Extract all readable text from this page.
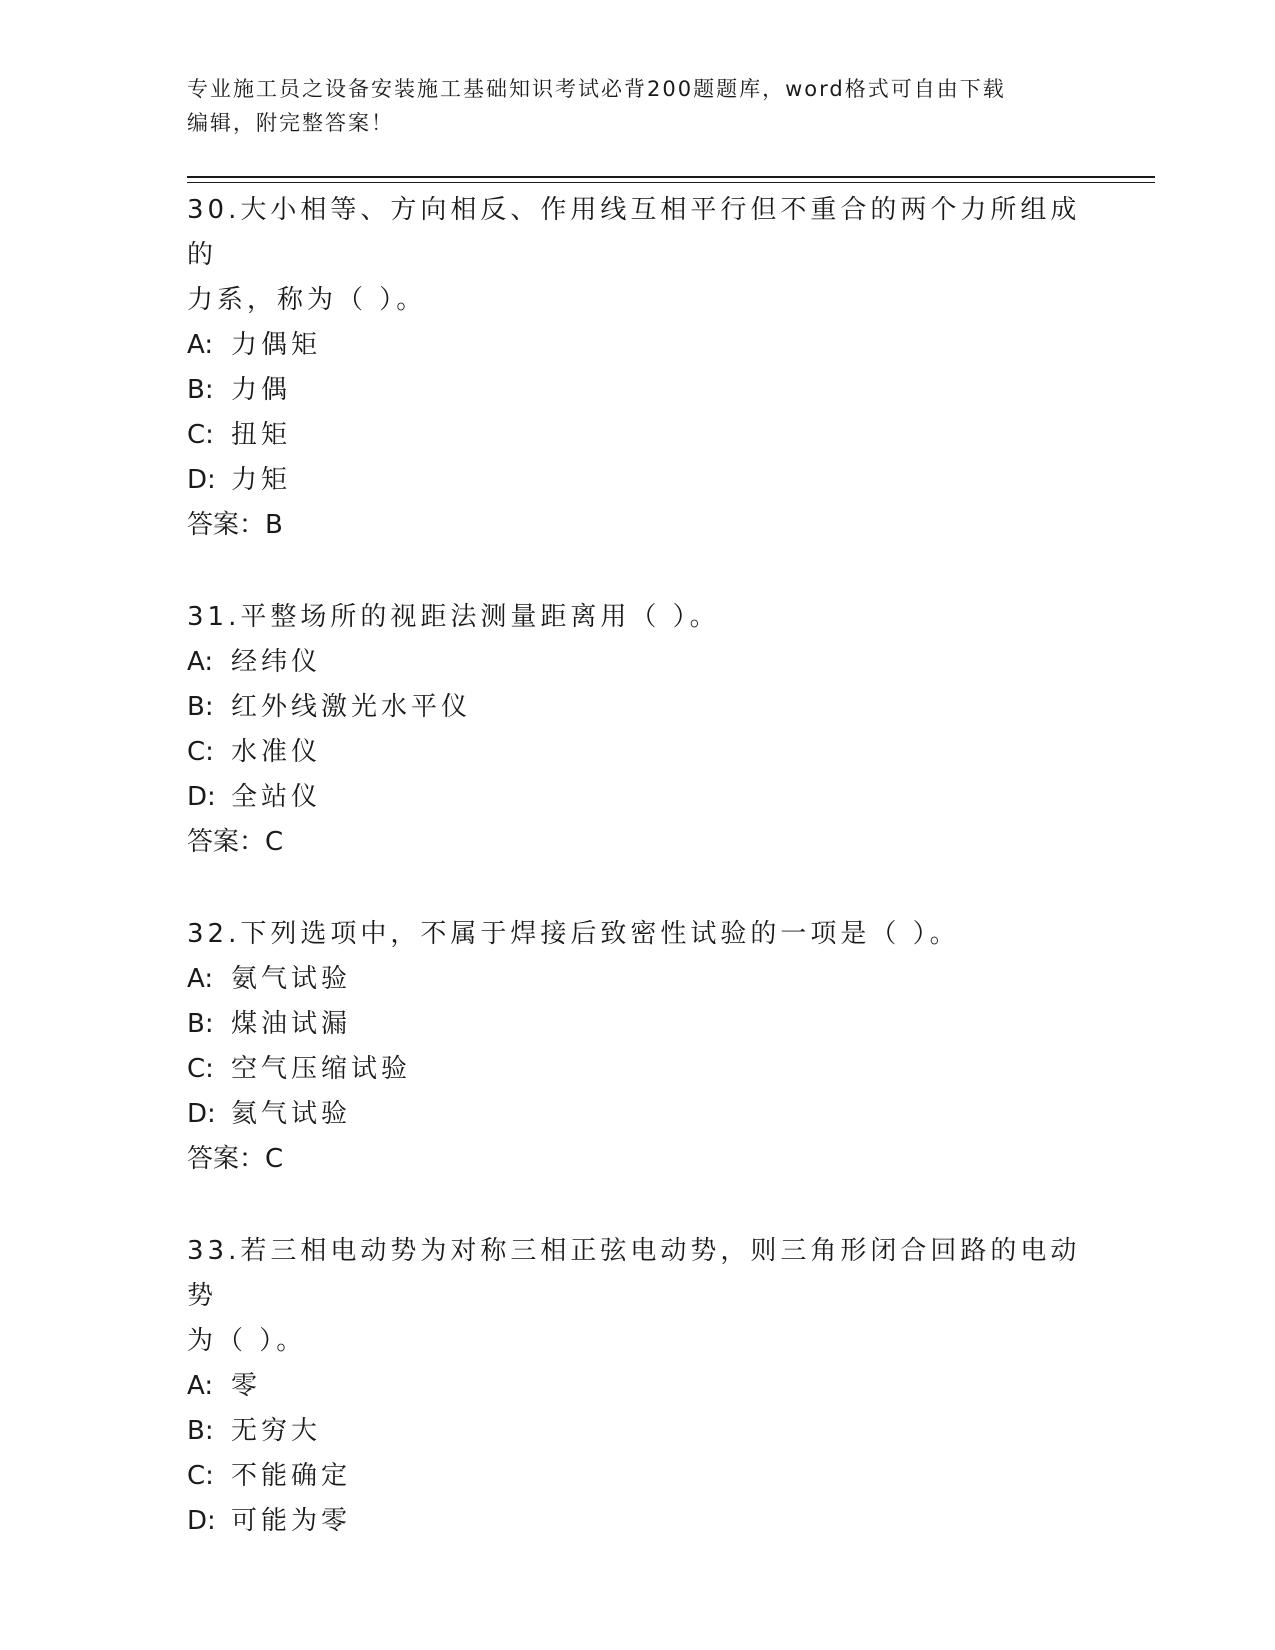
专业施工员之设备安装施工基础知识考试必背200题题库，word格式可自由下载
编辑，附完整答案！
30.大小相等、方向相反、作用线互相平行但不重合的两个力所组成的
力系，称为（ ）。
A: 力偶矩
B: 力偶
C: 扭矩
D: 力矩
答案：B
31.平整场所的视距法测量距离用（ ）。
A: 经纬仪
B: 红外线激光水平仪
C: 水准仪
D: 全站仪
答案：C
32.下列选项中，不属于焊接后致密性试验的一项是（ ）。
A: 氨气试验
B: 煤油试漏
C: 空气压缩试验
D: 氦气试验
答案：C
33.若三相电动势为对称三相正弦电动势，则三角形闭合回路的电动势
为（ ）。
A: 零
B: 无穷大
C: 不能确定
D: 可能为零
